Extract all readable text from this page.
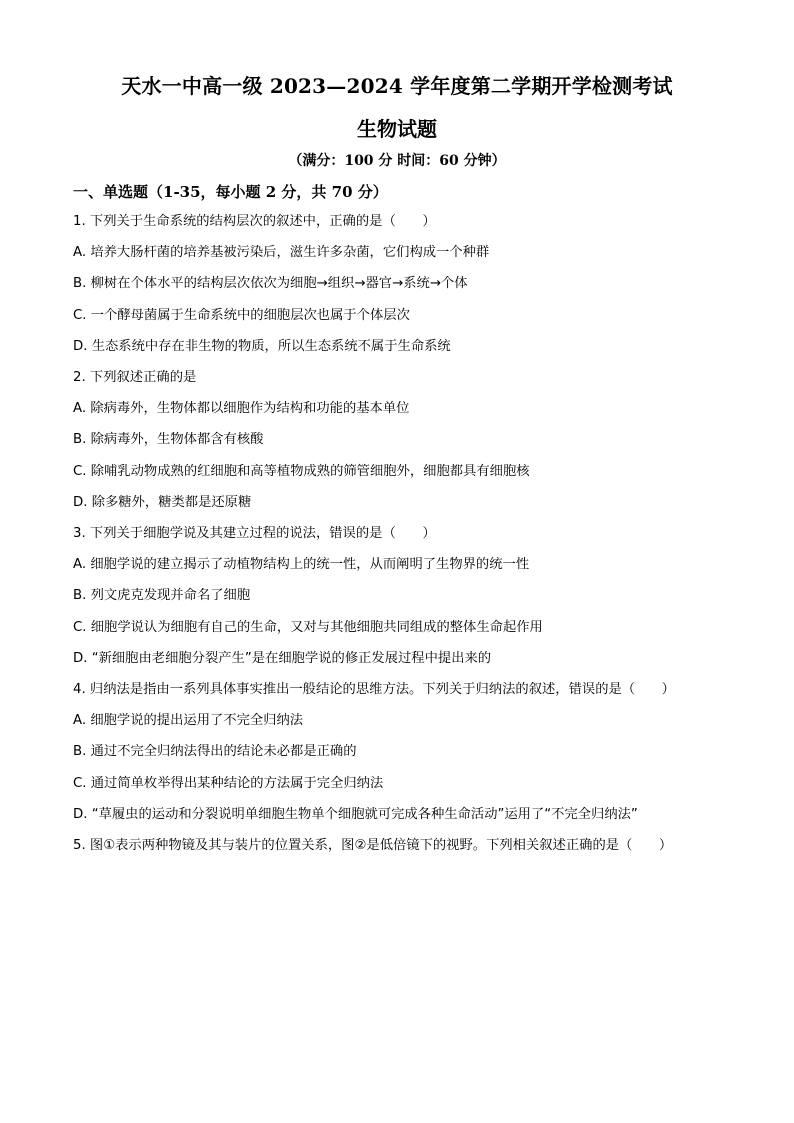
天水一中高一级 2023—2024 学年度第二学期开学检测考试
生物试题
（满分：100 分 时间：60 分钟）
一、单选题（1-35，每小题 2 分，共 70 分）
1. 下列关于生命系统的结构层次的叙述中，正确的是（　　）
A. 培养大肠杆菌的培养基被污染后，滋生许多杂菌，它们构成一个种群
B. 柳树在个体水平的结构层次依次为细胞→组织→器官→系统→个体
C. 一个酵母菌属于生命系统中的细胞层次也属于个体层次
D. 生态系统中存在非生物的物质，所以生态系统不属于生命系统
2. 下列叙述正确的是
A. 除病毒外，生物体都以细胞作为结构和功能的基本单位
B. 除病毒外，生物体都含有核酸
C. 除哺乳动物成熟的红细胞和高等植物成熟的筛管细胞外，细胞都具有细胞核
D. 除多糖外，糖类都是还原糖
3. 下列关于细胞学说及其建立过程的说法，错误的是（　　）
A. 细胞学说的建立揭示了动植物结构上的统一性，从而阐明了生物界的统一性
B. 列文虎克发现并命名了细胞
C. 细胞学说认为细胞有自己的生命，又对与其他细胞共同组成的整体生命起作用
D. “新细胞由老细胞分裂产生”是在细胞学说的修正发展过程中提出来的
4. 归纳法是指由一系列具体事实推出一般结论的思维方法。下列关于归纳法的叙述，错误的是（　　）
A. 细胞学说的提出运用了不完全归纳法
B. 通过不完全归纳法得出的结论未必都是正确的
C. 通过简单枚举得出某种结论的方法属于完全归纳法
D. “草履虫的运动和分裂说明单细胞生物单个细胞就可完成各种生命活动”运用了“不完全归纳法”
5. 图①表示两种物镜及其与装片的位置关系，图②是低倍镜下的视野。下列相关叙述正确的是（　　）
